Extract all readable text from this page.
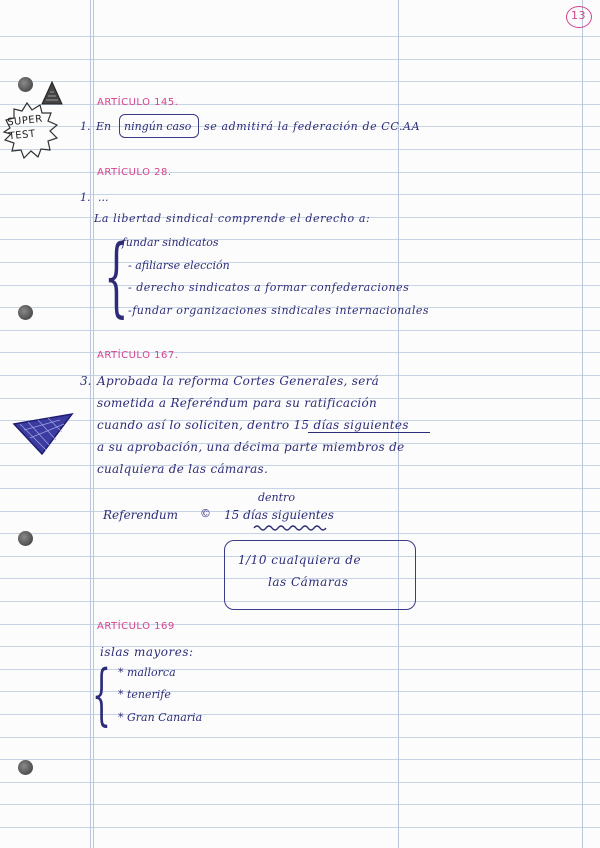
13
SUPER TEST
ARTÍCULO 145.
1. En ningún caso se admitirá la federación de CC.AA
ARTÍCULO 28.
1. ...
La libertad sindical comprende el derecho a:
{
-fundar sindicatos
- afiliarse elección
- derecho sindicatos a formar confederaciones
-fundar organizaciones sindicales internacionales
ARTÍCULO 167.
3. Aprobada la reforma Cortes Generales, será
sometida a Referéndum para su ratificación
cuando así lo soliciten, dentro 15 días siguientes
a su aprobación, una décima parte miembros de
cualquiera de las cámaras.
dentro
Referendum © 15 días siguientes
1/10 cualquiera de
las Cámaras
ARTÍCULO 169
islas mayores:
{ * mallorca
* tenerife
* Gran Canaria
